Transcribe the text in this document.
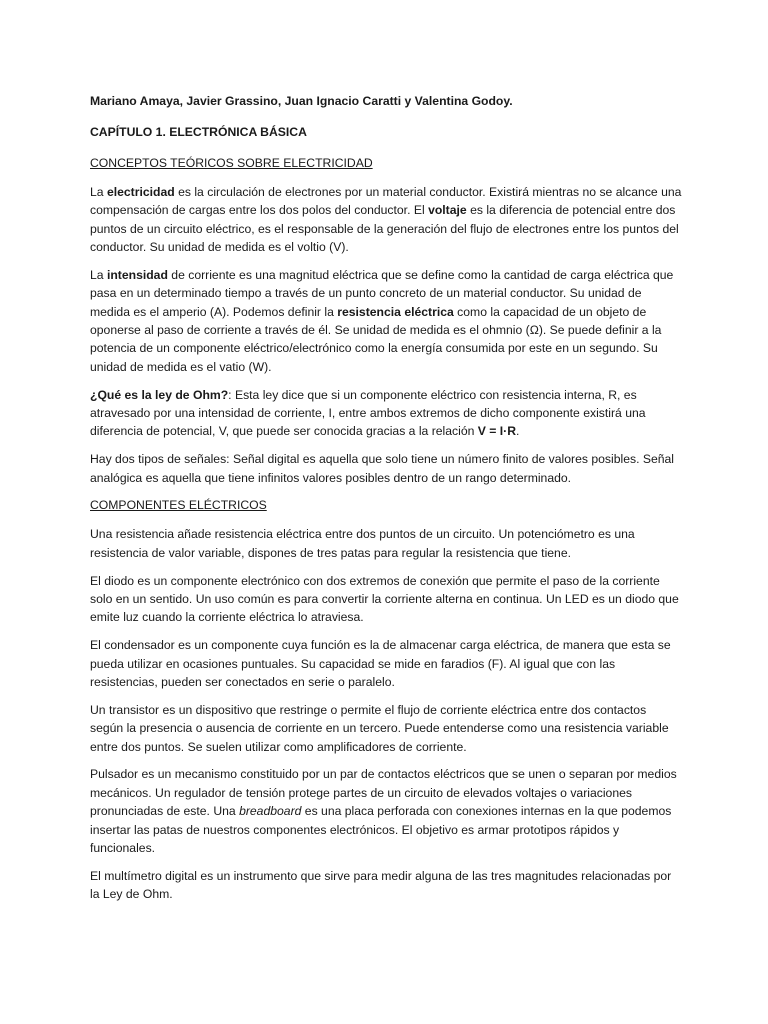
Mariano Amaya, Javier Grassino, Juan Ignacio Caratti y Valentina Godoy.

CAPÍTULO 1. ELECTRÓNICA BÁSICA

CONCEPTOS TEÓRICOS SOBRE ELECTRICIDAD

La electricidad es la circulación de electrones por un material conductor. Existirá mientras no se alcance una compensación de cargas entre los dos polos del conductor. El voltaje es la diferencia de potencial entre dos puntos de un circuito eléctrico, es el responsable de la generación del flujo de electrones entre los puntos del conductor. Su unidad de medida es el voltio (V).

La intensidad de corriente es una magnitud eléctrica que se define como la cantidad de carga eléctrica que pasa en un determinado tiempo a través de un punto concreto de un material conductor. Su unidad de medida es el amperio (A). Podemos definir la resistencia eléctrica como la capacidad de un objeto de oponerse al paso de corriente a través de él. Se unidad de medida es el ohmnio (Ω). Se puede definir a la potencia de un componente eléctrico/electrónico como la energía consumida por este en un segundo. Su unidad de medida es el vatio (W).

¿Qué es la ley de Ohm?: Esta ley dice que si un componente eléctrico con resistencia interna, R, es atravesado por una intensidad de corriente, I, entre ambos extremos de dicho componente existirá una diferencia de potencial, V, que puede ser conocida gracias a la relación V = I·R.

Hay dos tipos de señales: Señal digital es aquella que solo tiene un número finito de valores posibles. Señal analógica es aquella que tiene infinitos valores posibles dentro de un rango determinado.

COMPONENTES ELÉCTRICOS

Una resistencia añade resistencia eléctrica entre dos puntos de un circuito. Un potenciómetro es una resistencia de valor variable, dispones de tres patas para regular la resistencia que tiene.

El diodo es un componente electrónico con dos extremos de conexión que permite el paso de la corriente solo en un sentido. Un uso común es para convertir la corriente alterna en continua. Un LED es un diodo que emite luz cuando la corriente eléctrica lo atraviesa.

El condensador es un componente cuya función es la de almacenar carga eléctrica, de manera que esta se pueda utilizar en ocasiones puntuales. Su capacidad se mide en faradios (F). Al igual que con las resistencias, pueden ser conectados en serie o paralelo.

Un transistor es un dispositivo que restringe o permite el flujo de corriente eléctrica entre dos contactos según la presencia o ausencia de corriente en un tercero. Puede entenderse como una resistencia variable entre dos puntos. Se suelen utilizar como amplificadores de corriente.

Pulsador es un mecanismo constituido por un par de contactos eléctricos que se unen o separan por medios mecánicos. Un regulador de tensión protege partes de un circuito de elevados voltajes o variaciones pronunciadas de este. Una breadboard es una placa perforada con conexiones internas en la que podemos insertar las patas de nuestros componentes electrónicos. El objetivo es armar prototipos rápidos y funcionales.

El multímetro digital es un instrumento que sirve para medir alguna de las tres magnitudes relacionadas por la Ley de Ohm.
